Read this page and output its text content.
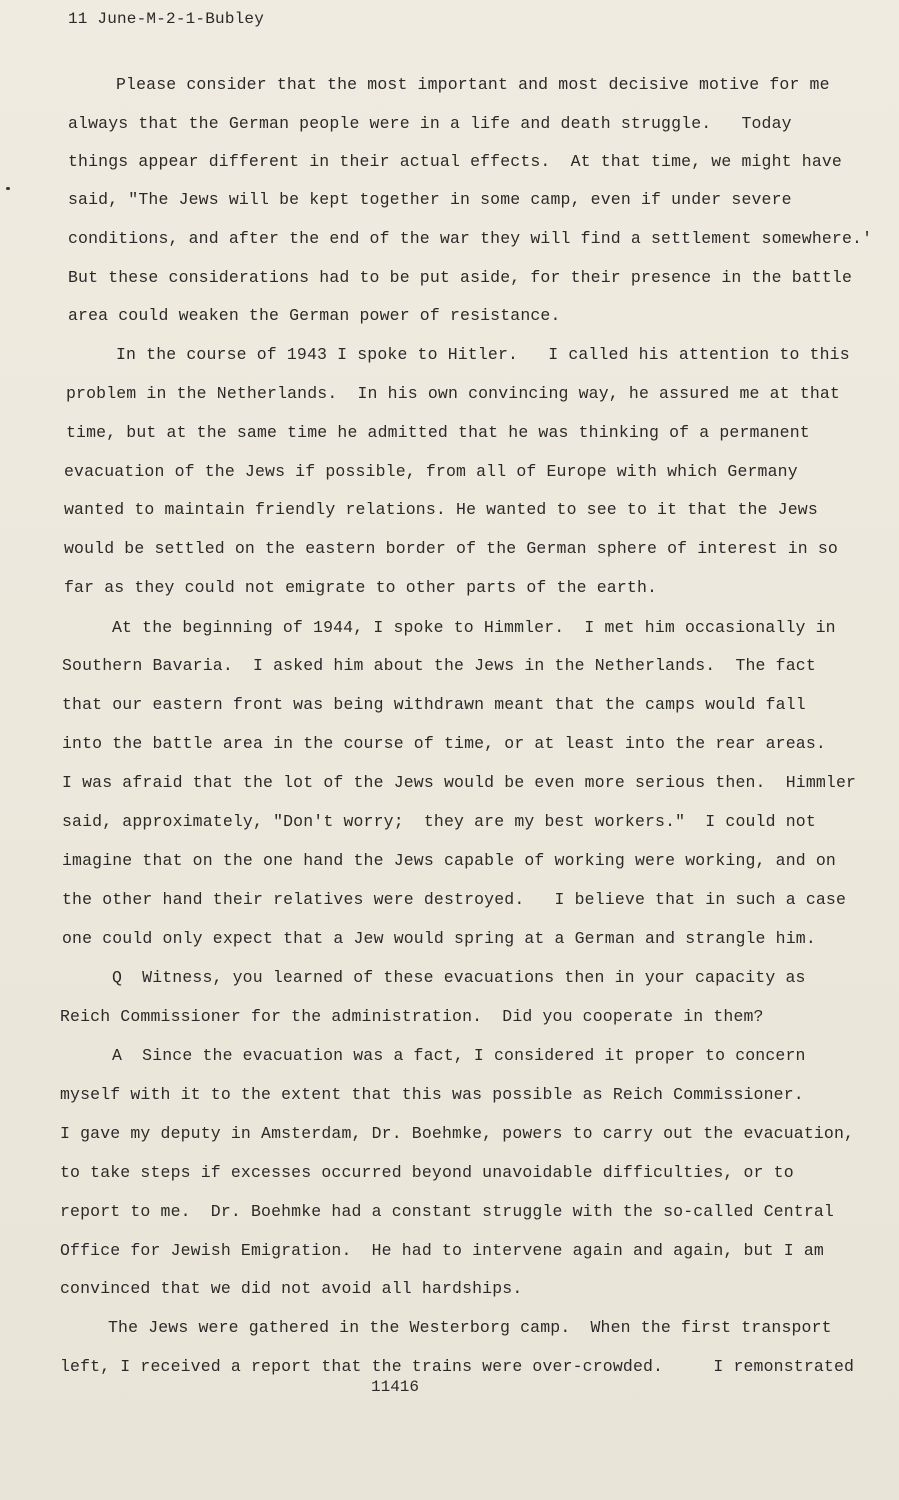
11 June-M-2-1-Bubley
Please consider that the most important and most decisive motive for me
always that the German people were in a life and death struggle.   Today
things appear different in their actual effects.  At that time, we might have
said, "The Jews will be kept together in some camp, even if under severe
conditions, and after the end of the war they will find a settlement somewhere.'
But these considerations had to be put aside, for their presence in the battle
area could weaken the German power of resistance.
In the course of 1943 I spoke to Hitler.   I called his attention to this
problem in the Netherlands.  In his own convincing way, he assured me at that
time, but at the same time he admitted that he was thinking of a permanent
evacuation of the Jews if possible, from all of Europe with which Germany
wanted to maintain friendly relations. He wanted to see to it that the Jews
would be settled on the eastern border of the German sphere of interest in so
far as they could not emigrate to other parts of the earth.
At the beginning of 1944, I spoke to Himmler.  I met him occasionally in
Southern Bavaria.  I asked him about the Jews in the Netherlands.  The fact
that our eastern front was being withdrawn meant that the camps would fall
into the battle area in the course of time, or at least into the rear areas.
I was afraid that the lot of the Jews would be even more serious then.  Himmler
said, approximately, "Don't worry;  they are my best workers."  I could not
imagine that on the one hand the Jews capable of working were working, and on
the other hand their relatives were destroyed.   I believe that in such a case
one could only expect that a Jew would spring at a German and strangle him.
Q  Witness, you learned of these evacuations then in your capacity as
Reich Commissioner for the administration.  Did you cooperate in them?
A  Since the evacuation was a fact, I considered it proper to concern
myself with it to the extent that this was possible as Reich Commissioner.
I gave my deputy in Amsterdam, Dr. Boehmke, powers to carry out the evacuation,
to take steps if excesses occurred beyond unavoidable difficulties, or to
report to me.  Dr. Boehmke had a constant struggle with the so-called Central
Office for Jewish Emigration.  He had to intervene again and again, but I am
convinced that we did not avoid all hardships.
The Jews were gathered in the Westerborg camp.  When the first transport
left, I received a report that the trains were over-crowded.     I remonstrated
11416
